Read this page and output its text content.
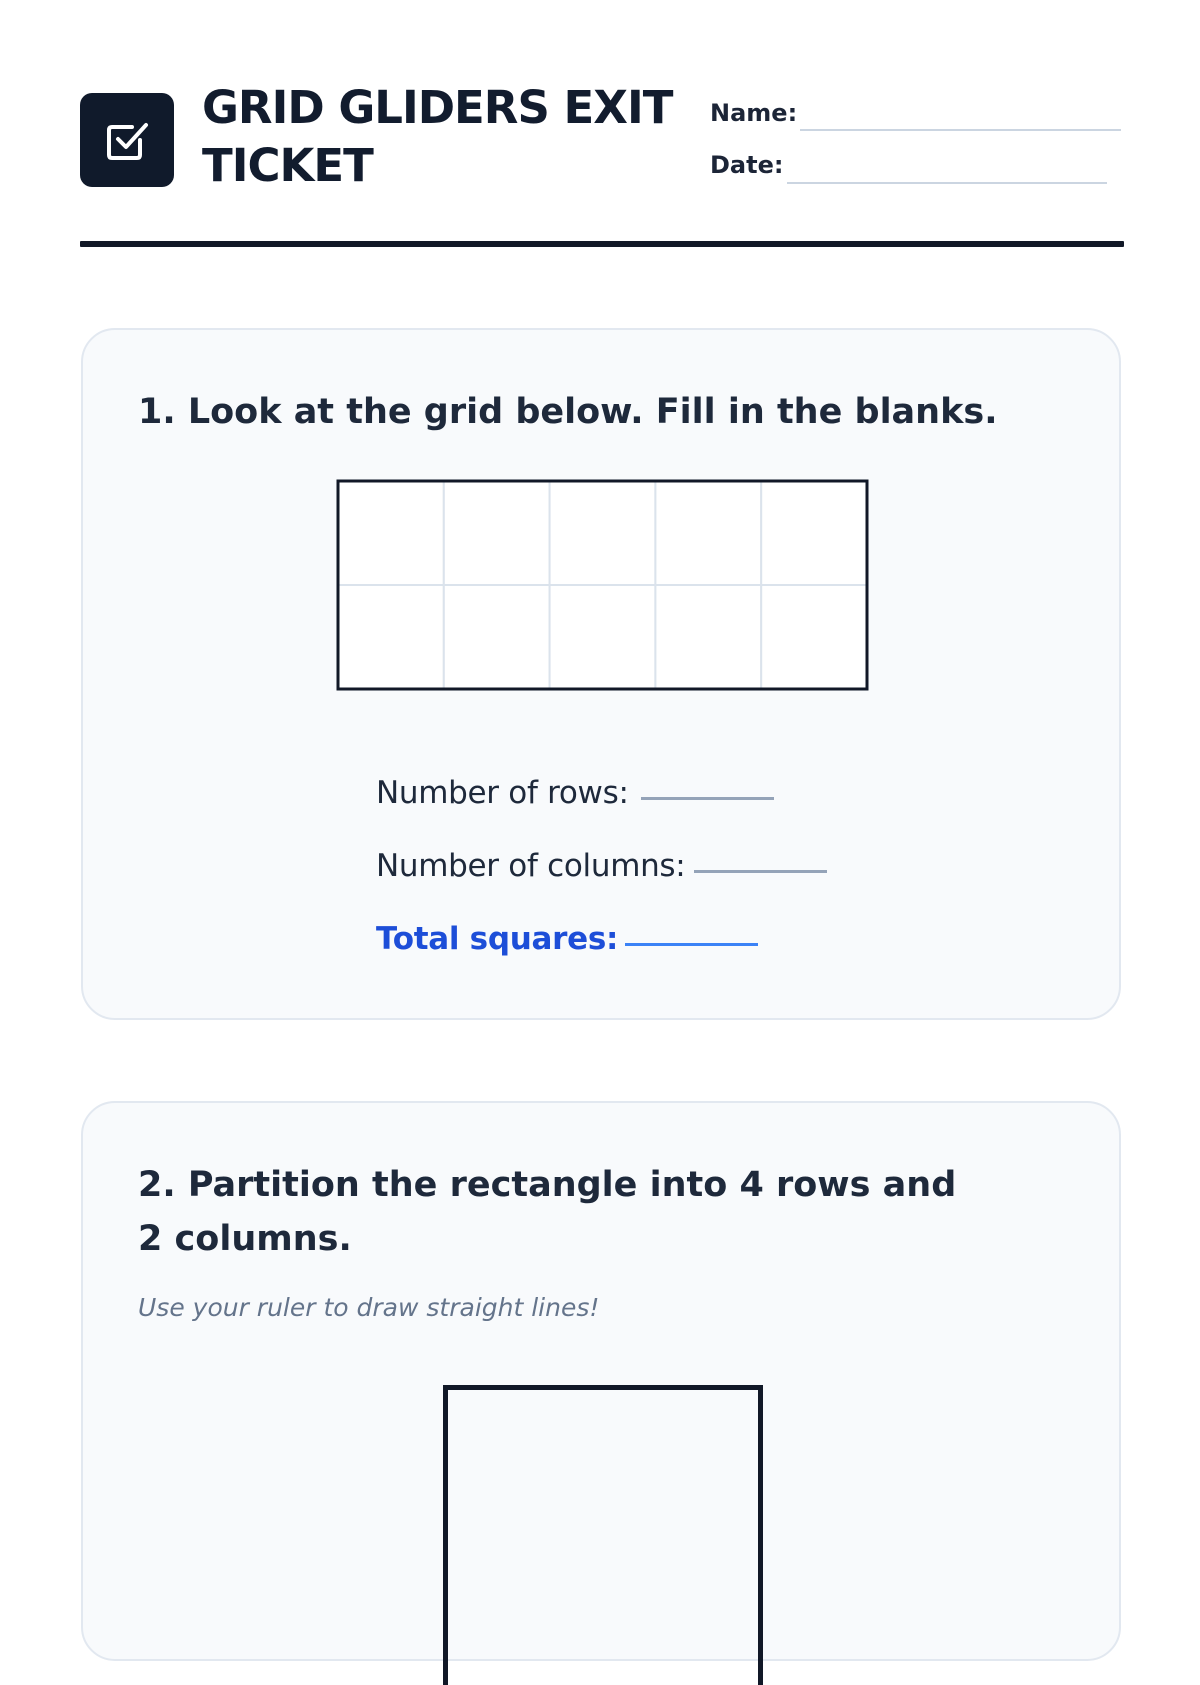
GRID GLIDERS EXIT TICKET
Name:
Date:
1. Look at the grid below. Fill in the blanks.
Number of rows:
Number of columns:
Total squares:
2. Partition the rectangle into 4 rows and 2 columns.
Use your ruler to draw straight lines!
